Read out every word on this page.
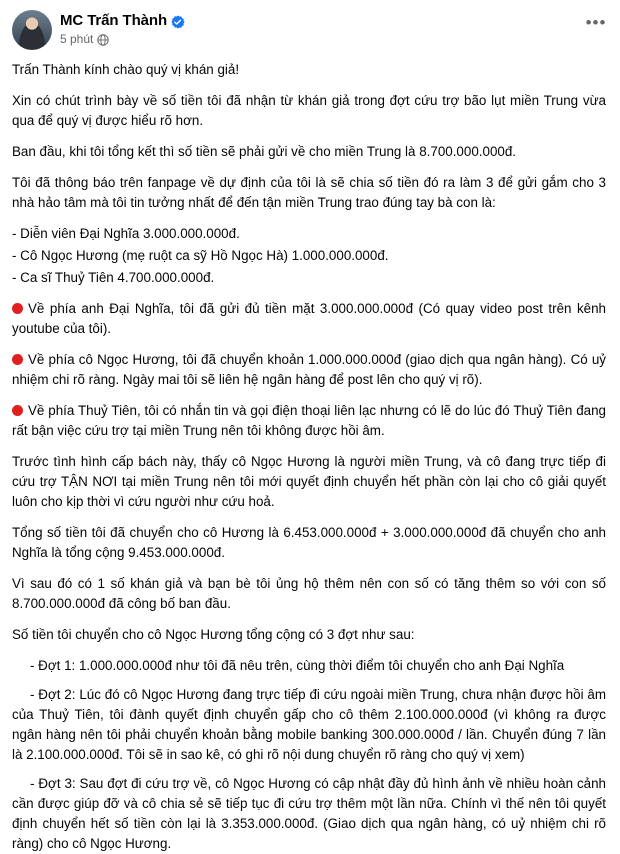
MC Trấn Thành
5 phút
•••

Trấn Thành kính chào quý vị khán giả!

Xin có chút trình bày về số tiền tôi đã nhận từ khán giả trong đợt cứu trợ bão lụt miền Trung vừa qua để quý vị được hiểu rõ hơn.

Ban đầu, khi tôi tổng kết thì số tiền sẽ phải gửi về cho miền Trung là 8.700.000.000đ.

Tôi đã thông báo trên fanpage về dự định của tôi là sẽ chia số tiền đó ra làm 3 để gửi gắm cho 3 nhà hảo tâm mà tôi tin tưởng nhất để đến tận miền Trung trao đúng tay bà con là:

- Diễn viên Đại Nghĩa 3.000.000.000đ.

- Cô Ngọc Hương (mẹ ruột ca sỹ Hồ Ngọc Hà) 1.000.000.000đ.

- Ca sĩ Thuỷ Tiên 4.700.000.000đ.

Về phía anh Đại Nghĩa, tôi đã gửi đủ tiền mặt 3.000.000.000đ (Có quay video post trên kênh youtube của tôi).

Về phía cô Ngọc Hương, tôi đã chuyển khoản 1.000.000.000đ (giao dịch qua ngân hàng). Có uỷ nhiệm chi rõ ràng. Ngày mai tôi sẽ liên hệ ngân hàng để post lên cho quý vị rõ).

Về phía Thuỷ Tiên, tôi có nhắn tin và gọi điện thoại liên lạc nhưng có lẽ do lúc đó Thuỷ Tiên đang rất bận việc cứu trợ tại miền Trung nên tôi không được hồi âm.

Trước tình hình cấp bách này, thấy cô Ngọc Hương là người miền Trung, và cô đang trực tiếp đi cứu trợ TẬN NƠI tại miền Trung nên tôi mới quyết định chuyển hết phần còn lại cho cô giải quyết luôn cho kịp thời vì cứu người như cứu hoả.

Tổng số tiền tôi đã chuyển cho cô Hương là 6.453.000.000đ + 3.000.000.000đ đã chuyển cho anh Nghĩa là tổng cộng 9.453.000.000đ.

Vì sau đó có 1 số khán giả và bạn bè tôi ủng hộ thêm nên con số có tăng thêm so với con số 8.700.000.000đ đã công bố ban đầu.

Số tiền tôi chuyển cho cô Ngọc Hương tổng cộng có 3 đợt như sau:

- Đợt 1: 1.000.000.000đ như tôi đã nêu trên, cùng thời điểm tôi chuyển cho anh Đại Nghĩa

- Đợt 2: Lúc đó cô Ngọc Hương đang trực tiếp đi cứu ngoài miền Trung, chưa nhận được hồi âm của Thuỷ Tiên, tôi đành quyết định chuyển gấp cho cô thêm 2.100.000.000đ (vì không ra được ngân hàng nên tôi phải chuyển khoản bằng mobile banking 300.000.000đ / lần. Chuyển đúng 7 lần là 2.100.000.000đ. Tôi sẽ in sao kê, có ghi rõ nội dung chuyển rõ ràng cho quý vị xem)

- Đợt 3: Sau đợt đi cứu trợ về, cô Ngọc Hương có cập nhật đầy đủ hình ảnh về nhiều hoàn cảnh cần được giúp đỡ và cô chia sẻ sẽ tiếp tục đi cứu trợ thêm một lần nữa. Chính vì thế nên tôi quyết định chuyển hết số tiền còn lại là 3.353.000.000đ. (Giao dịch qua ngân hàng, có uỷ nhiệm chi rõ ràng) cho cô Ngọc Hương.
